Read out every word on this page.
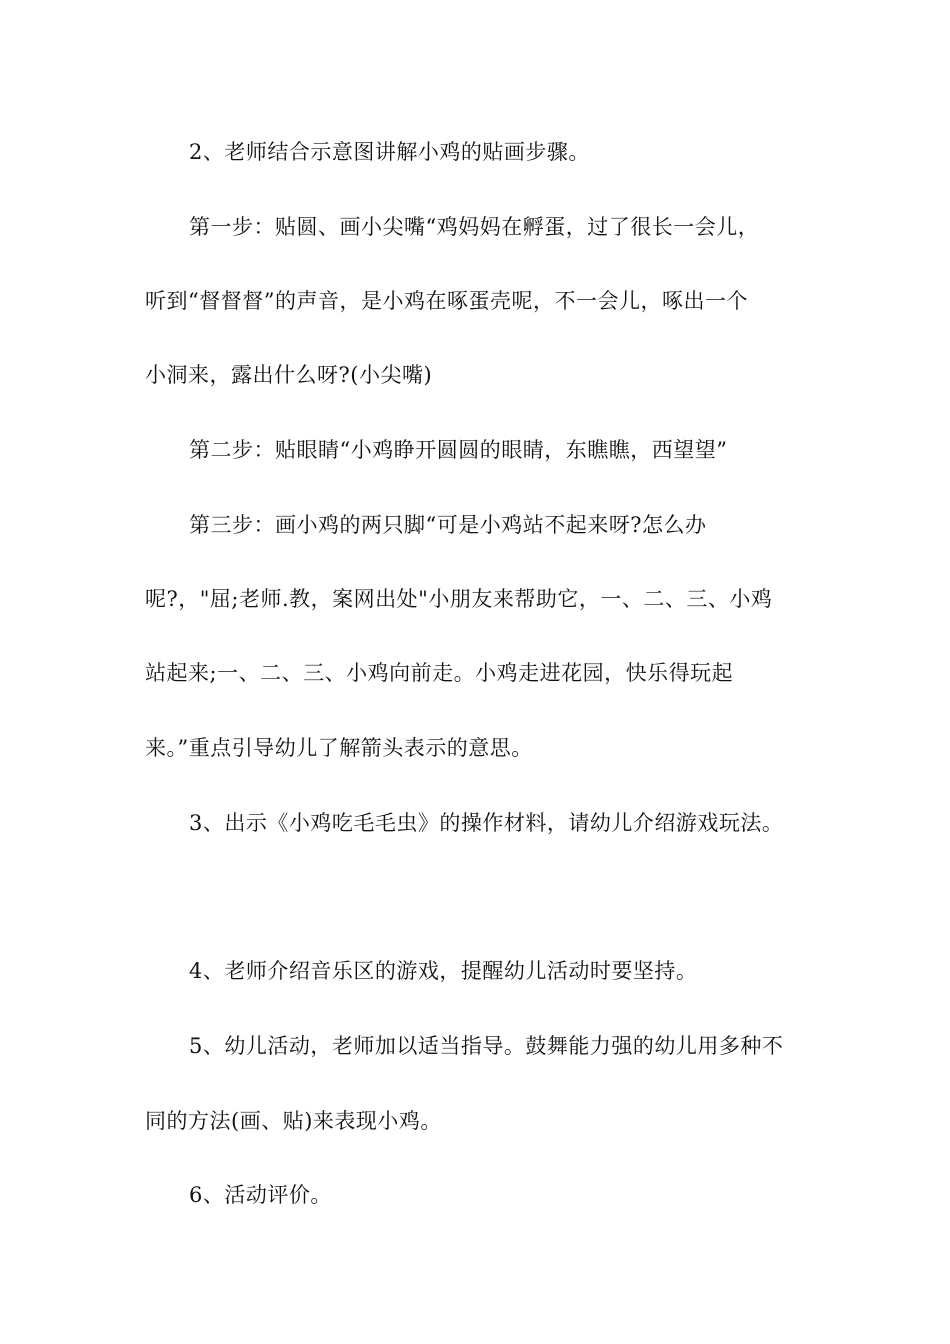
2、老师结合示意图讲解小鸡的贴画步骤。
第一步：贴圆、画小尖嘴“鸡妈妈在孵蛋，过了很长一会儿，
听到“督督督”的声音，是小鸡在啄蛋壳呢，不一会儿，啄出一个
小洞来，露出什么呀?(小尖嘴)
第二步：贴眼睛“小鸡睁开圆圆的眼睛，东瞧瞧，西望望”
第三步：画小鸡的两只脚“可是小鸡站不起来呀?怎么办
呢?，"屈;老师.教，案网出处"小朋友来帮助它，一、二、三、小鸡
站起来;一、二、三、小鸡向前走。小鸡走进花园，快乐得玩起
来。”重点引导幼儿了解箭头表示的意思。
3、出示《小鸡吃毛毛虫》的操作材料，请幼儿介绍游戏玩法。
4、老师介绍音乐区的游戏，提醒幼儿活动时要坚持。
5、幼儿活动，老师加以适当指导。鼓舞能力强的幼儿用多种不
同的方法(画、贴)来表现小鸡。
6、活动评价。
